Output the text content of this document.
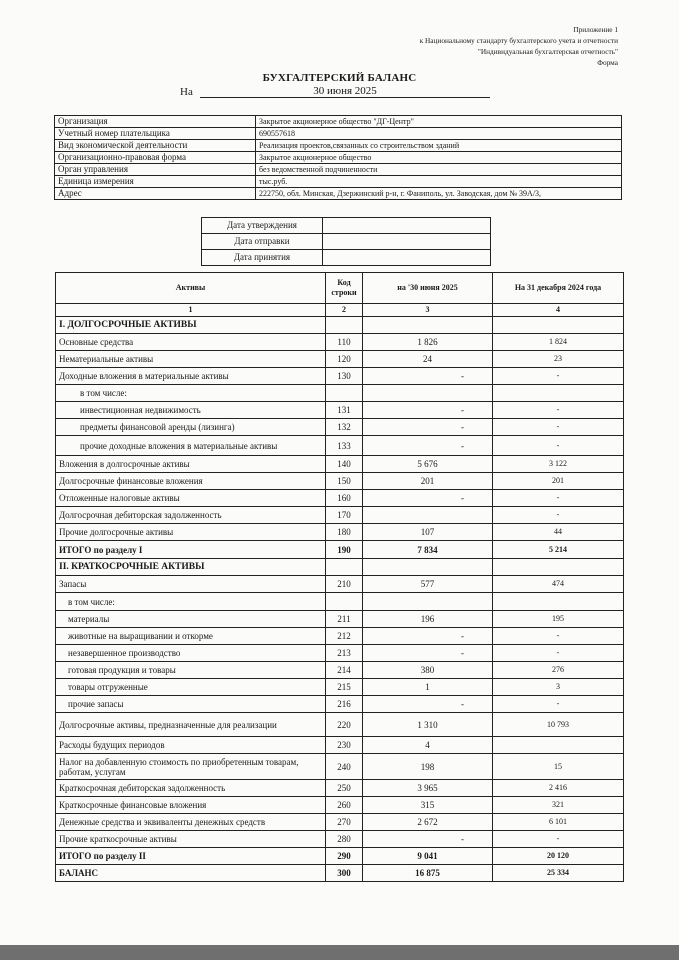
Приложение 1
к Национальному стандарту бухгалтерского учета и отчетности
"Индивидуальная бухгалтерская отчетность"
Форма
БУХГАЛТЕРСКИЙ БАЛАНС
На	30 июня 2025
Организация	Закрытое акционерное общество "ДГ-Центр"
Учетный номер плательщика	690557618
Вид экономической деятельности	Реализация проектов,связанных со строительством зданий
Организационно-правовая форма	Закрытое акционерное общество
Орган управления	без ведомственной подчиненности
Единица измерения	тыс.руб.
Адрес	222750, обл. Минская, Дзержинский р-н, г. Фаниполь, ул. Заводская, дом № 39А/3,
Дата утверждения	
Дата отправки	
Дата принятия	
Активы	Код строки	на '30 июня 2025	На 31 декабря 2024 года
1	2	3	4
I. ДОЛГОСРОЧНЫЕ АКТИВЫ			
Основные средства	110	1 826	1 824
Нематериальные активы	120	24	23
Доходные вложения в материальные активы	130	-	-
в том числе:			
инвестиционная недвижимость	131	-	-
предметы финансовой аренды (лизинга)	132	-	-
прочие доходные вложения в материальные активы	133	-	-
Вложения в долгосрочные активы	140	5 676	3 122
Долгосрочные финансовые вложения	150	201	201
Отложенные налоговые активы	160	-	-
Долгосрочная дебиторская задолженность	170		-
Прочие долгосрочные активы	180	107	44
ИТОГО по разделу I	190	7 834	5 214
II. КРАТКОСРОЧНЫЕ АКТИВЫ			
Запасы	210	577	474
в том числе:			
материалы	211	196	195
животные на выращивании и откорме	212	-	-
незавершенное производство	213	-	-
готовая продукция и товары	214	380	276
товары отгруженные	215	1	3
прочие запасы	216	-	-
Долгосрочные активы, предназначенные для реализации	220	1 310	10 793
Расходы будущих периодов	230	4	
Налог на добавленную стоимость по приобретенным товарам, работам, услугам	240	198	15
Краткосрочная дебиторская задолженность	250	3 965	2 416
Краткосрочные финансовые вложения	260	315	321
Денежные средства и эквиваленты денежных средств	270	2 672	6 101
Прочие краткосрочные активы	280	-	-
ИТОГО по разделу II	290	9 041	20 120
БАЛАНС	300	16 875	25 334
